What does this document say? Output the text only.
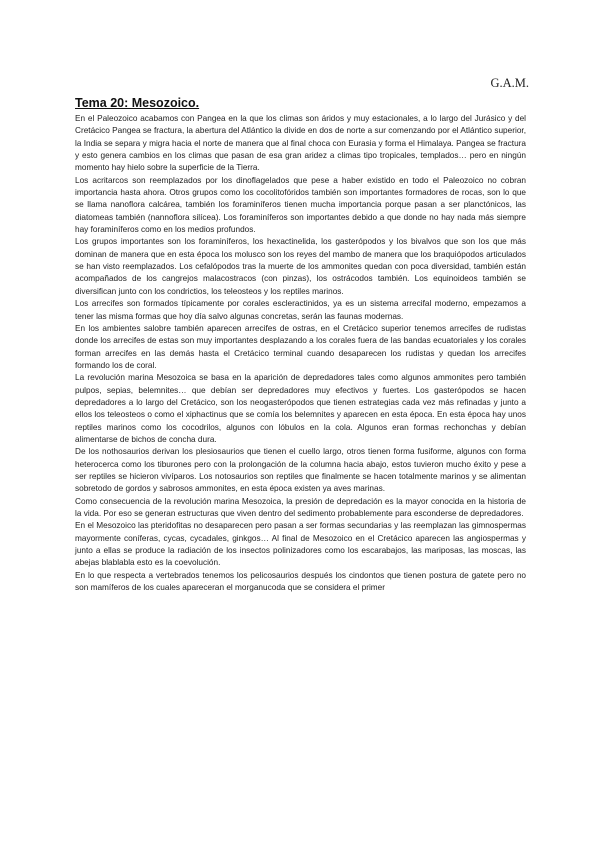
G.A.M.
Tema 20: Mesozoico.

En el Paleozoico acabamos con Pangea en la que los climas son áridos y muy estacionales, a lo largo del Jurásico y del Cretácico Pangea se fractura, la abertura del Atlántico la divide en dos de norte a sur comenzando por el Atlántico superior, la India se separa y migra hacia el norte de manera que al final choca con Eurasia y forma el Himalaya. Pangea se fractura y esto genera cambios en los climas que pasan de esa gran aridez a climas tipo tropicales, templados… pero en ningún momento hay hielo sobre la superficie de la Tierra.

Los acritarcos son reemplazados por los dinoflagelados que pese a haber existido en todo el Paleozoico no cobran importancia hasta ahora. Otros grupos como los cocolitofóridos también son importantes formadores de rocas, son lo que se llama nanoflora calcárea, también los foraminíferos tienen mucha importancia porque pasan a ser planctónicos, las diatomeas también (nannoflora silícea). Los foraminíferos son importantes debido a que donde no hay nada más siempre hay foraminíferos como en los medios profundos.

Los grupos importantes son los foraminíferos, los hexactinelida, los gasterópodos y los bivalvos que son los que más dominan de manera que en esta época los molusco son los reyes del mambo de manera que los braquiópodos articulados se han visto reemplazados. Los cefalópodos tras la muerte de los ammonites quedan con poca diversidad, también están acompañados de los cangrejos malacostracos (con pinzas), los ostrácodos también. Los equinoideos también se diversifican junto con los condrictios, los teleosteos y los reptiles marinos.

Los arrecifes son formados típicamente por corales escleractinidos, ya es un sistema arrecifal moderno, empezamos a tener las misma formas que hoy día salvo algunas concretas, serán las faunas modernas.

En los ambientes salobre también aparecen arrecifes de ostras, en el Cretácico superior tenemos arrecifes de rudistas donde los arrecifes de estas son muy importantes desplazando a los corales fuera de las bandas ecuatoriales y los corales forman arrecifes en las demás hasta el Cretácico terminal cuando desaparecen los rudistas y quedan los arrecifes formando los de coral.

La revolución marina Mesozoica se basa en la aparición de depredadores tales como algunos ammonites pero también pulpos, sepias, belemnites… que debían ser depredadores muy efectivos y fuertes. Los gasterópodos se hacen depredadores a lo largo del Cretácico, son los neogasterópodos que tienen estrategias cada vez más refinadas y junto a ellos los teleosteos o como el xiphactinus que se comía los belemnites y aparecen en esta época. En esta época hay unos reptiles marinos como los cocodrilos, algunos con lóbulos en la cola. Algunos eran formas rechonchas y debían alimentarse de bichos de concha dura.

De los nothosaurios derivan los plesiosaurios que tienen el cuello largo, otros tienen forma fusiforme, algunos con forma heterocerca como los tiburones pero con la prolongación de la columna hacia abajo, estos tuvieron mucho éxito y pese a ser reptiles se hicieron vivíparos. Los notosaurios son reptiles que finalmente se hacen totalmente marinos y se alimentan sobretodo de gordos y sabrosos ammonites, en esta época existen ya aves marinas.

Como consecuencia de la revolución marina Mesozoica, la presión de depredación es la mayor conocida en la historia de la vida. Por eso se generan estructuras que viven dentro del sedimento probablemente para esconderse de depredadores.

En el Mesozoico las pteridofitas no desaparecen pero pasan a ser formas secundarias y las reemplazan las gimnospermas mayormente coníferas, cycas, cycadales, ginkgos… Al final de Mesozoico en el Cretácico aparecen las angiospermas y junto a ellas se produce la radiación de los insectos polinizadores como los escarabajos, las mariposas, las moscas, las abejas blablabla esto es la coevolución.

En lo que respecta a vertebrados tenemos los pelicosaurios después los cindontos que tienen postura de gatete pero no son mamíferos de los cuales apareceran el morganucoda que se considera el primer
